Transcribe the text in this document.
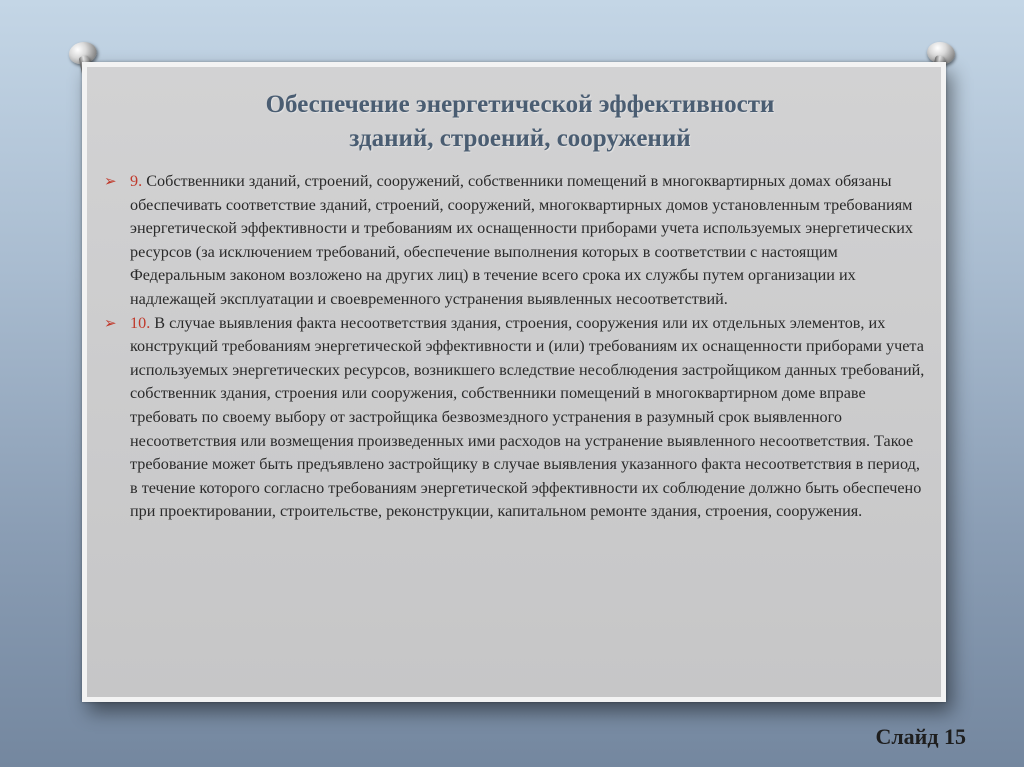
Обеспечение энергетической эффективности
зданий, строений, сооружений

➢ 9. Собственники зданий, строений, сооружений, собственники помещений в многоквартирных домах обязаны обеспечивать соответствие зданий, строений, сооружений, многоквартирных домов установленным требованиям энергетической эффективности и требованиям их оснащенности приборами учета используемых энергетических ресурсов (за исключением требований, обеспечение выполнения которых в соответствии с настоящим Федеральным законом возложено на других лиц) в течение всего срока их службы путем организации их надлежащей эксплуатации и своевременного устранения выявленных несоответствий.

➢ 10. В случае выявления факта несоответствия здания, строения, сооружения или их отдельных элементов, их конструкций требованиям энергетической эффективности и (или) требованиям их оснащенности приборами учета используемых энергетических ресурсов, возникшего вследствие несоблюдения застройщиком данных требований, собственник здания, строения или сооружения, собственники помещений в многоквартирном доме вправе требовать по своему выбору от застройщика безвозмездного устранения в разумный срок выявленного несоответствия или возмещения произведенных ими расходов на устранение выявленного несоответствия. Такое требование может быть предъявлено застройщику в случае выявления указанного факта несоответствия в период, в течение которого согласно требованиям энергетической эффективности их соблюдение должно быть обеспечено при проектировании, строительстве, реконструкции, капитальном ремонте здания, строения, сооружения.

Слайд 15
